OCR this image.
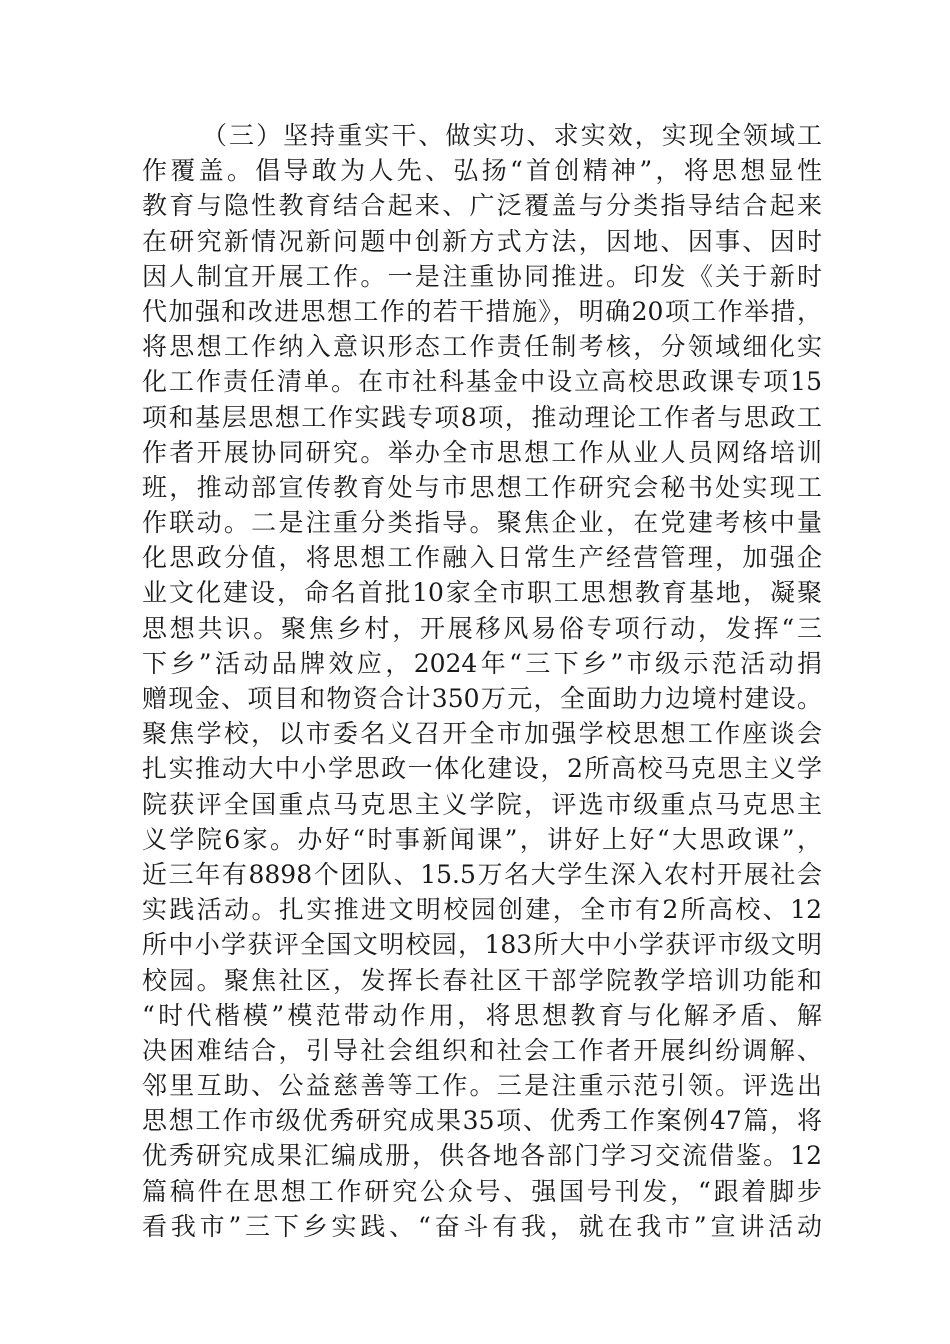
（三）坚持重实干、做实功、求实效，实现全领域工
作覆盖。倡导敢为人先、弘扬“首创精神”，将思想显性
教育与隐性教育结合起来、广泛覆盖与分类指导结合起来
在研究新情况新问题中创新方式方法，因地、因事、因时
因人制宜开展工作。一是注重协同推进。印发《关于新时
代加强和改进思想工作的若干措施》，明确20项工作举措，
将思想工作纳入意识形态工作责任制考核，分领域细化实
化工作责任清单。在市社科基金中设立高校思政课专项15
项和基层思想工作实践专项8项，推动理论工作者与思政工
作者开展协同研究。举办全市思想工作从业人员网络培训
班，推动部宣传教育处与市思想工作研究会秘书处实现工
作联动。二是注重分类指导。聚焦企业，在党建考核中量
化思政分值，将思想工作融入日常生产经营管理，加强企
业文化建设，命名首批10家全市职工思想教育基地，凝聚
思想共识。聚焦乡村，开展移风易俗专项行动，发挥“三
下乡”活动品牌效应，2024年“三下乡”市级示范活动捐
赠现金、项目和物资合计350万元，全面助力边境村建设。
聚焦学校，以市委名义召开全市加强学校思想工作座谈会
扎实推动大中小学思政一体化建设，2所高校马克思主义学
院获评全国重点马克思主义学院，评选市级重点马克思主
义学院6家。办好“时事新闻课”，讲好上好“大思政课”，
近三年有8898个团队、15.5万名大学生深入农村开展社会
实践活动。扎实推进文明校园创建，全市有2所高校、12
所中小学获评全国文明校园，183所大中小学获评市级文明
校园。聚焦社区，发挥长春社区干部学院教学培训功能和
“时代楷模”模范带动作用，将思想教育与化解矛盾、解
决困难结合，引导社会组织和社会工作者开展纠纷调解、
邻里互助、公益慈善等工作。三是注重示范引领。评选出
思想工作市级优秀研究成果35项、优秀工作案例47篇，将
优秀研究成果汇编成册，供各地各部门学习交流借鉴。12
篇稿件在思想工作研究公众号、强国号刊发，“跟着脚步
看我市”三下乡实践、“奋斗有我，就在我市”宣讲活动
